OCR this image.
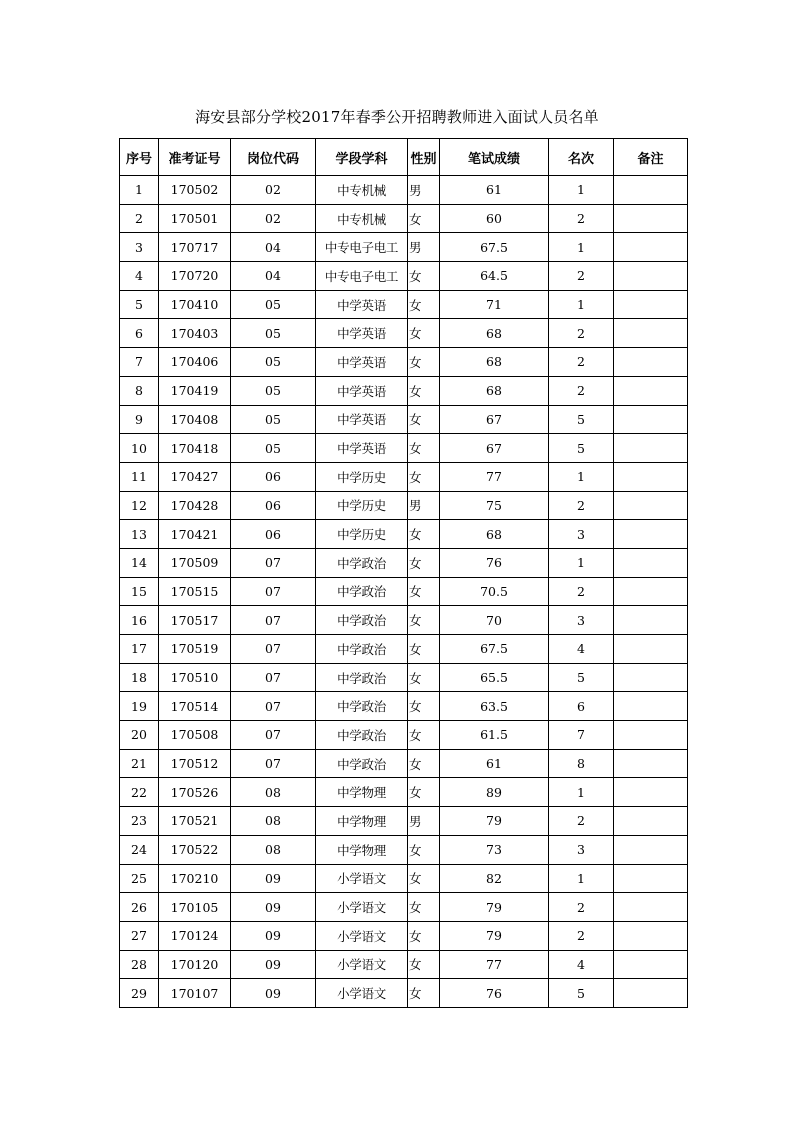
海安县部分学校2017年春季公开招聘教师进入面试人员名单
序号	准考证号	岗位代码	学段学科	性别	笔试成绩	名次	备注
1	170502	02	中专机械	男	61	1	
2	170501	02	中专机械	女	60	2	
3	170717	04	中专电子电工	男	67.5	1	
4	170720	04	中专电子电工	女	64.5	2	
5	170410	05	中学英语	女	71	1	
6	170403	05	中学英语	女	68	2	
7	170406	05	中学英语	女	68	2	
8	170419	05	中学英语	女	68	2	
9	170408	05	中学英语	女	67	5	
10	170418	05	中学英语	女	67	5	
11	170427	06	中学历史	女	77	1	
12	170428	06	中学历史	男	75	2	
13	170421	06	中学历史	女	68	3	
14	170509	07	中学政治	女	76	1	
15	170515	07	中学政治	女	70.5	2	
16	170517	07	中学政治	女	70	3	
17	170519	07	中学政治	女	67.5	4	
18	170510	07	中学政治	女	65.5	5	
19	170514	07	中学政治	女	63.5	6	
20	170508	07	中学政治	女	61.5	7	
21	170512	07	中学政治	女	61	8	
22	170526	08	中学物理	女	89	1	
23	170521	08	中学物理	男	79	2	
24	170522	08	中学物理	女	73	3	
25	170210	09	小学语文	女	82	1	
26	170105	09	小学语文	女	79	2	
27	170124	09	小学语文	女	79	2	
28	170120	09	小学语文	女	77	4	
29	170107	09	小学语文	女	76	5	
